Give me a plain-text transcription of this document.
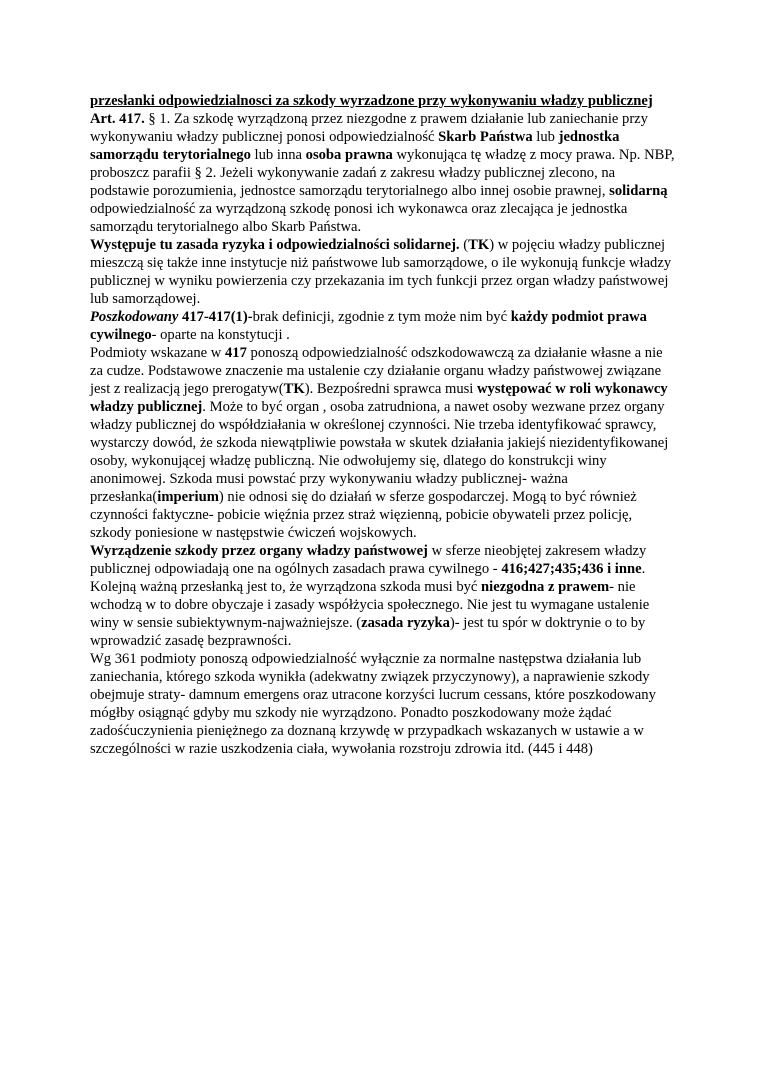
przesłanki odpowiedzialnosci za szkody wyrzadzone przy wykonywaniu władzy publicznej

Art. 417. § 1. Za szkodę wyrządzoną przez niezgodne z prawem działanie lub zaniechanie przy wykonywaniu władzy publicznej ponosi odpowiedzialność Skarb Państwa lub jednostka samorządu terytorialnego lub inna osoba prawna wykonująca tę władzę z mocy prawa. Np. NBP, proboszcz parafii § 2. Jeżeli wykonywanie zadań z zakresu władzy publicznej zlecono, na podstawie porozumienia, jednostce samorządu terytorialnego albo innej osobie prawnej, solidarną odpowiedzialność za wyrządzoną szkodę ponosi ich wykonawca oraz zlecająca je jednostka samorządu terytorialnego albo Skarb Państwa.

Występuje tu zasada ryzyka i odpowiedzialności solidarnej. (TK) w pojęciu władzy publicznej mieszczą się także inne instytucje niż państwowe lub samorządowe, o ile wykonują funkcje władzy publicznej w wyniku powierzenia czy przekazania im tych funkcji przez organ władzy państwowej lub samorządowej.

Poszkodowany 417-417(1)-brak definicji, zgodnie z tym może nim być każdy podmiot prawa cywilnego- oparte na konstytucji .

Podmioty wskazane w 417 ponoszą odpowiedzialność odszkodowawczą za działanie własne a nie za cudze. Podstawowe znaczenie ma ustalenie czy działanie organu władzy państwowej związane jest z realizacją jego prerogatyw(TK). Bezpośredni sprawca musi występować w roli wykonawcy władzy publicznej. Może to być organ , osoba zatrudniona, a nawet osoby wezwane przez organy władzy publicznej do współdziałania w określonej czynności. Nie trzeba identyfikować sprawcy, wystarczy dowód, że szkoda niewątpliwie powstała w skutek działania jakiejś niezidentyfikowanej osoby, wykonującej władzę publiczną. Nie odwołujemy się, dlatego do konstrukcji winy anonimowej. Szkoda musi powstać przy wykonywaniu władzy publicznej- ważna przesłanka(imperium) nie odnosi się do działań w sferze gospodarczej. Mogą to być również czynności faktyczne- pobicie więźnia przez straż więzienną, pobicie obywateli przez policję, szkody poniesione w następstwie ćwiczeń wojskowych.

Wyrządzenie szkody przez organy władzy państwowej w sferze nieobjętej zakresem władzy publicznej odpowiadają one na ogólnych zasadach prawa cywilnego - 416;427;435;436 i inne. Kolejną ważną przesłanką jest to, że wyrządzona szkoda musi być niezgodna z prawem- nie wchodzą w to dobre obyczaje i zasady współżycia społecznego. Nie jest tu wymagane ustalenie winy w sensie subiektywnym-najważniejsze. (zasada ryzyka)- jest tu spór w doktrynie o to by wprowadzić zasadę bezprawności.

Wg 361 podmioty ponoszą odpowiedzialność wyłącznie za normalne następstwa działania lub zaniechania, którego szkoda wynikła (adekwatny związek przyczynowy), a naprawienie szkody obejmuje straty- damnum emergens oraz utracone korzyści lucrum cessans, które poszkodowany mógłby osiągnąć gdyby mu szkody nie wyrządzono. Ponadto poszkodowany może żądać zadośćuczynienia pieniężnego za doznaną krzywdę w przypadkach wskazanych w ustawie a w szczególności w razie uszkodzenia ciała, wywołania rozstroju zdrowia itd. (445 i 448)
